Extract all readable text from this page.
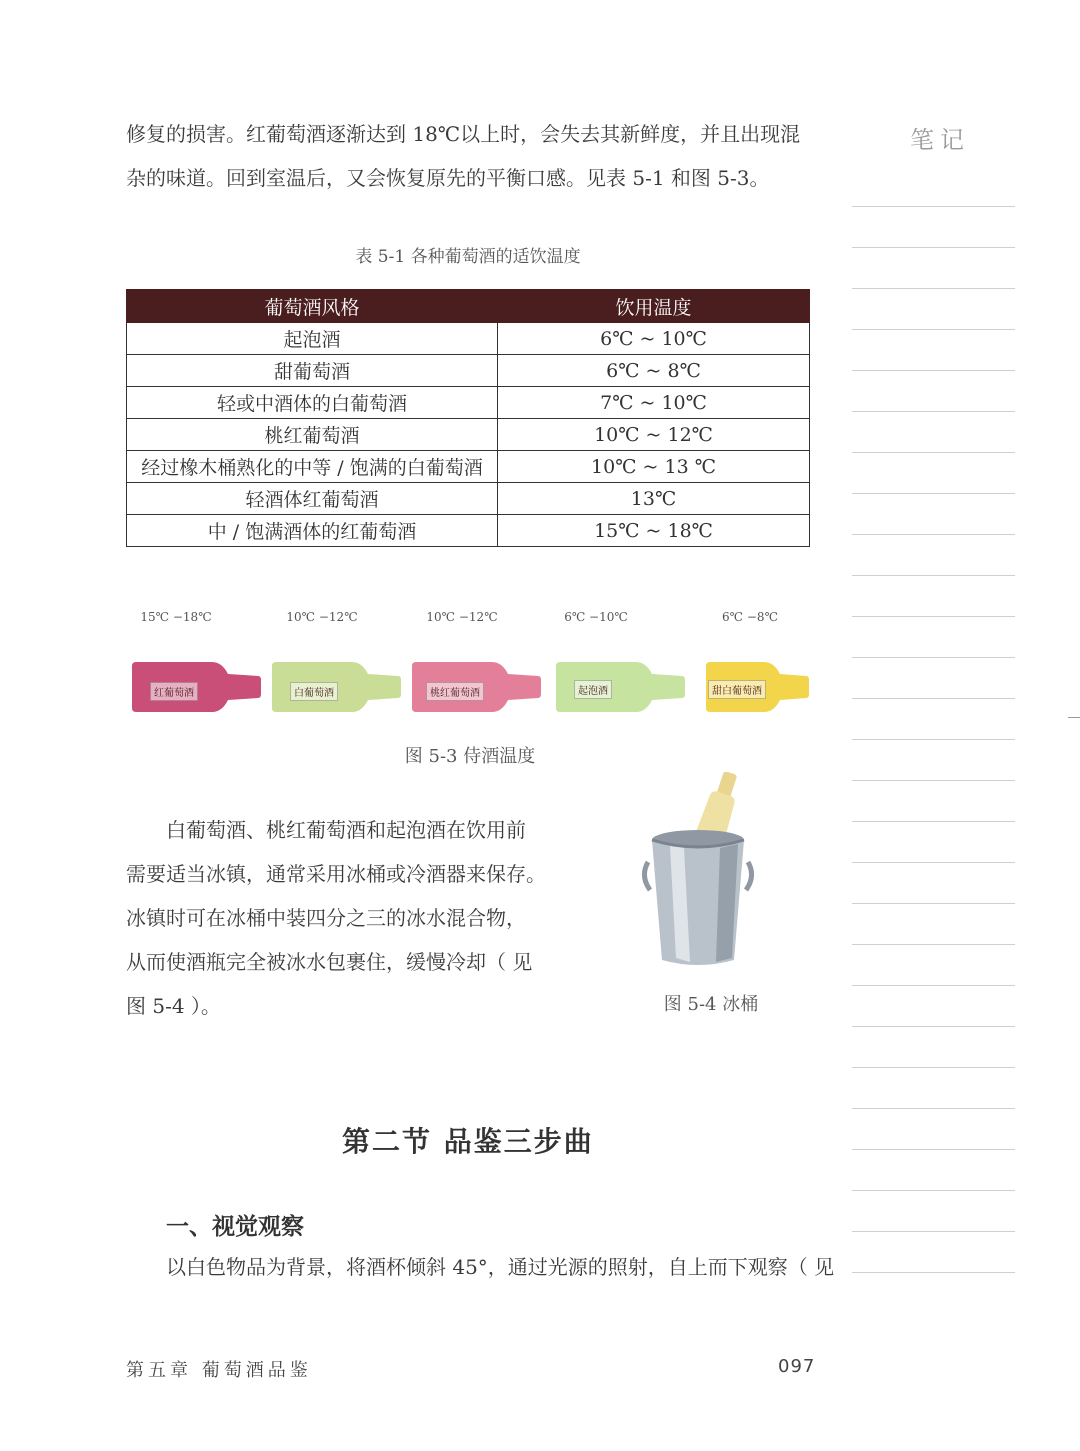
修复的损害。红葡萄酒逐渐达到 18℃以上时，会失去其新鲜度，并且出现混

杂的味道。回到室温后，又会恢复原先的平衡口感。见表 5-1 和图 5-3。

笔记
表 5-1 各种葡萄酒的适饮温度
葡萄酒风格	饮用温度
起泡酒	6℃ ~ 10℃
甜葡萄酒	6℃ ~ 8℃
轻或中酒体的白葡萄酒	7℃ ~ 10℃
桃红葡萄酒	10℃ ~ 12℃
经过橡木桶熟化的中等 / 饱满的白葡萄酒	10℃ ~ 13 ℃
轻酒体红葡萄酒	13℃
中 / 饱满酒体的红葡萄酒	15℃ ~ 18℃
15℃ −18℃	10℃ −12℃	10℃ −12℃	6℃ −10℃	6℃ −8℃
红葡萄酒	白葡萄酒	桃红葡萄酒	起泡酒	甜白葡萄酒
图 5-3 侍酒温度

白葡萄酒、桃红葡萄酒和起泡酒在饮用前

需要适当冰镇，通常采用冰桶或冷酒器来保存。

冰镇时可在冰桶中装四分之三的冰水混合物，

从而使酒瓶完全被冰水包裹住，缓慢冷却（ 见

图 5-4 ）。	图 5-4 冰桶
第二节 品鉴三步曲
一、视觉观察

以白色物品为背景，将酒杯倾斜 45°，通过光源的照射，自上而下观察（ 见

第五章 葡萄酒品鉴	097
